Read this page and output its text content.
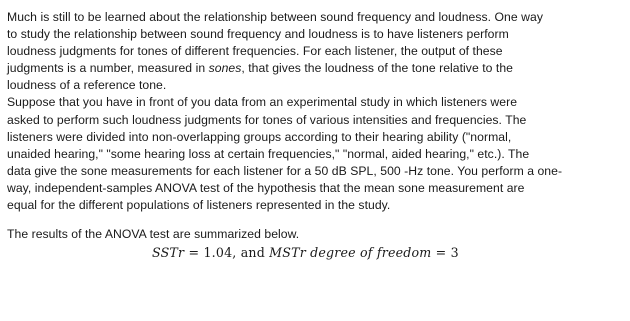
Much is still to be learned about the relationship between sound frequency and loudness. One way
to study the relationship between sound frequency and loudness is to have listeners perform
loudness judgments for tones of different frequencies. For each listener, the output of these
judgments is a number, measured in sones, that gives the loudness of the tone relative to the
loudness of a reference tone.

Suppose that you have in front of you data from an experimental study in which listeners were
asked to perform such loudness judgments for tones of various intensities and frequencies. The
listeners were divided into non-overlapping groups according to their hearing ability ("normal,
unaided hearing," "some hearing loss at certain frequencies," "normal, aided hearing," etc.). The
data give the sone measurements for each listener for a 50 dB SPL, 500 -Hz tone. You perform a one-
way, independent-samples ANOVA test of the hypothesis that the mean sone measurement are
equal for the different populations of listeners represented in the study.

The results of the ANOVA test are summarized below.

SSTr = 1.04, and MSTr degree of freedom = 3
